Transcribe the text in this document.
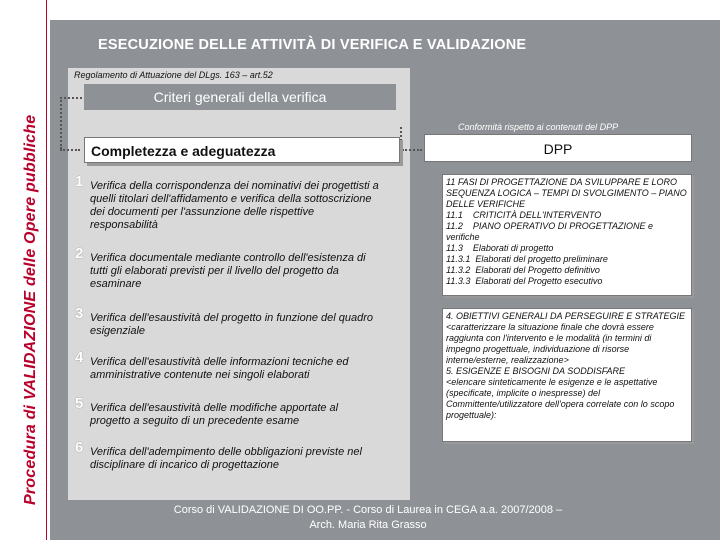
Procedura di VALIDAZIONE delle Opere pubbliche
ESECUZIONE DELLE ATTIVITÀ DI VERIFICA E VALIDAZIONE
Regolamento di Attuazione del DLgs. 163 – art.52
Criteri generali della verifica
Completezza e adeguatezza
Conformità rispetto ai contenuti del DPP
DPP
1 Verifica della corrispondenza dei nominativi dei progettisti a quelli titolari dell'affidamento e verifica della sottoscrizione dei documenti per l'assunzione delle rispettive responsabilità
2 Verifica documentale mediante controllo dell'esistenza di tutti gli elaborati previsti per il livello del progetto da esaminare
3 Verifica dell'esaustività del progetto in funzione del quadro esigenziale
4 Verifica dell'esaustività delle informazioni tecniche ed amministrative contenute nei singoli elaborati
5 Verifica dell'esaustività delle modifiche apportate al progetto a seguito di un precedente esame
6 Verifica dell'adempimento delle obbligazioni previste nel disciplinare di incarico di progettazione
11 FASI DI PROGETTAZIONE DA SVILUPPARE E LORO SEQUENZA LOGICA – TEMPI DI SVOLGIMENTO – PIANO DELLE VERIFICHE
11.1    CRITICITÀ DELL'INTERVENTO
11.2    PIANO OPERATIVO DI PROGETTAZIONE e verifiche
11.3    Elaborati di progetto
11.3.1  Elaborati del progetto preliminare
11.3.2  Elaborati del Progetto definitivo
11.3.3  Elaborati del Progetto esecutivo
4. OBIETTIVI GENERALI DA PERSEGUIRE E STRATEGIE
<caratterizzare la situazione finale che dovrà essere raggiunta con l'intervento e le modalità (in termini di impegno progettuale, individuazione di risorse interne/esterne, realizzazione>
5. ESIGENZE E BISOGNI DA SODDISFARE
<elencare sinteticamente le esigenze e le aspettative (specificate, implicite o inespresse) del Committente/utilizzatore dell'opera correlate con lo scopo progettuale):
Corso di VALIDAZIONE DI OO.PP. - Corso di Laurea in CEGA a.a. 2007/2008 –
Arch. Maria Rita Grasso
